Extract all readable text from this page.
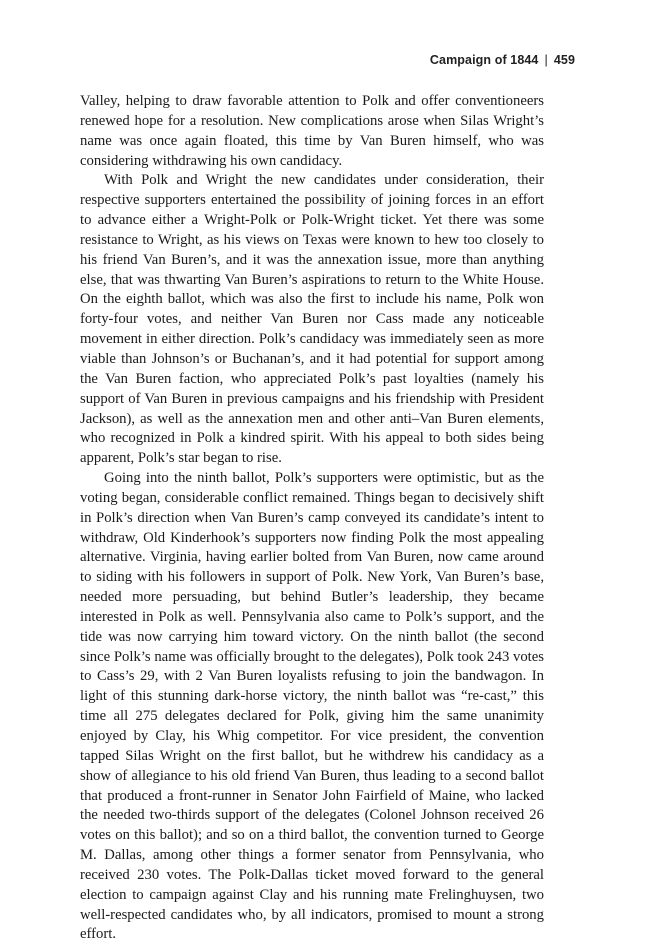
Campaign of 1844 | 459

Valley, helping to draw favorable attention to Polk and offer conventioneers renewed hope for a resolution. New complications arose when Silas Wright’s name was once again floated, this time by Van Buren himself, who was considering withdrawing his own candidacy.

With Polk and Wright the new candidates under consideration, their respective supporters entertained the possibility of joining forces in an effort to advance either a Wright-Polk or Polk-Wright ticket. Yet there was some resistance to Wright, as his views on Texas were known to hew too closely to his friend Van Buren’s, and it was the annexation issue, more than anything else, that was thwarting Van Buren’s aspirations to return to the White House. On the eighth ballot, which was also the first to include his name, Polk won forty-four votes, and neither Van Buren nor Cass made any noticeable movement in either direction. Polk’s candidacy was immediately seen as more viable than Johnson’s or Buchanan’s, and it had potential for support among the Van Buren faction, who appreciated Polk’s past loyalties (namely his support of Van Buren in previous campaigns and his friendship with President Jackson), as well as the annexation men and other anti–Van Buren elements, who recognized in Polk a kindred spirit. With his appeal to both sides being apparent, Polk’s star began to rise.

Going into the ninth ballot, Polk’s supporters were optimistic, but as the voting began, considerable conflict remained. Things began to decisively shift in Polk’s direction when Van Buren’s camp conveyed its candidate’s intent to withdraw, Old Kinderhook’s supporters now finding Polk the most appealing alternative. Virginia, having earlier bolted from Van Buren, now came around to siding with his followers in support of Polk. New York, Van Buren’s base, needed more persuading, but behind Butler’s leadership, they became interested in Polk as well. Pennsylvania also came to Polk’s support, and the tide was now carrying him toward victory. On the ninth ballot (the second since Polk’s name was officially brought to the delegates), Polk took 243 votes to Cass’s 29, with 2 Van Buren loyalists refusing to join the bandwagon. In light of this stunning dark-horse victory, the ninth ballot was “re-cast,” this time all 275 delegates declared for Polk, giving him the same unanimity enjoyed by Clay, his Whig competitor. For vice president, the convention tapped Silas Wright on the first ballot, but he withdrew his candidacy as a show of allegiance to his old friend Van Buren, thus leading to a second ballot that produced a front-runner in Senator John Fairfield of Maine, who lacked the needed two-thirds support of the delegates (Colonel Johnson received 26 votes on this ballot); and so on a third ballot, the convention turned to George M. Dallas, among other things a former senator from Pennsylvania, who received 230 votes. The Polk-Dallas ticket moved forward to the general election to campaign against Clay and his running mate Frelinghuysen, two well-respected candidates who, by all indicators, promised to mount a strong effort.
